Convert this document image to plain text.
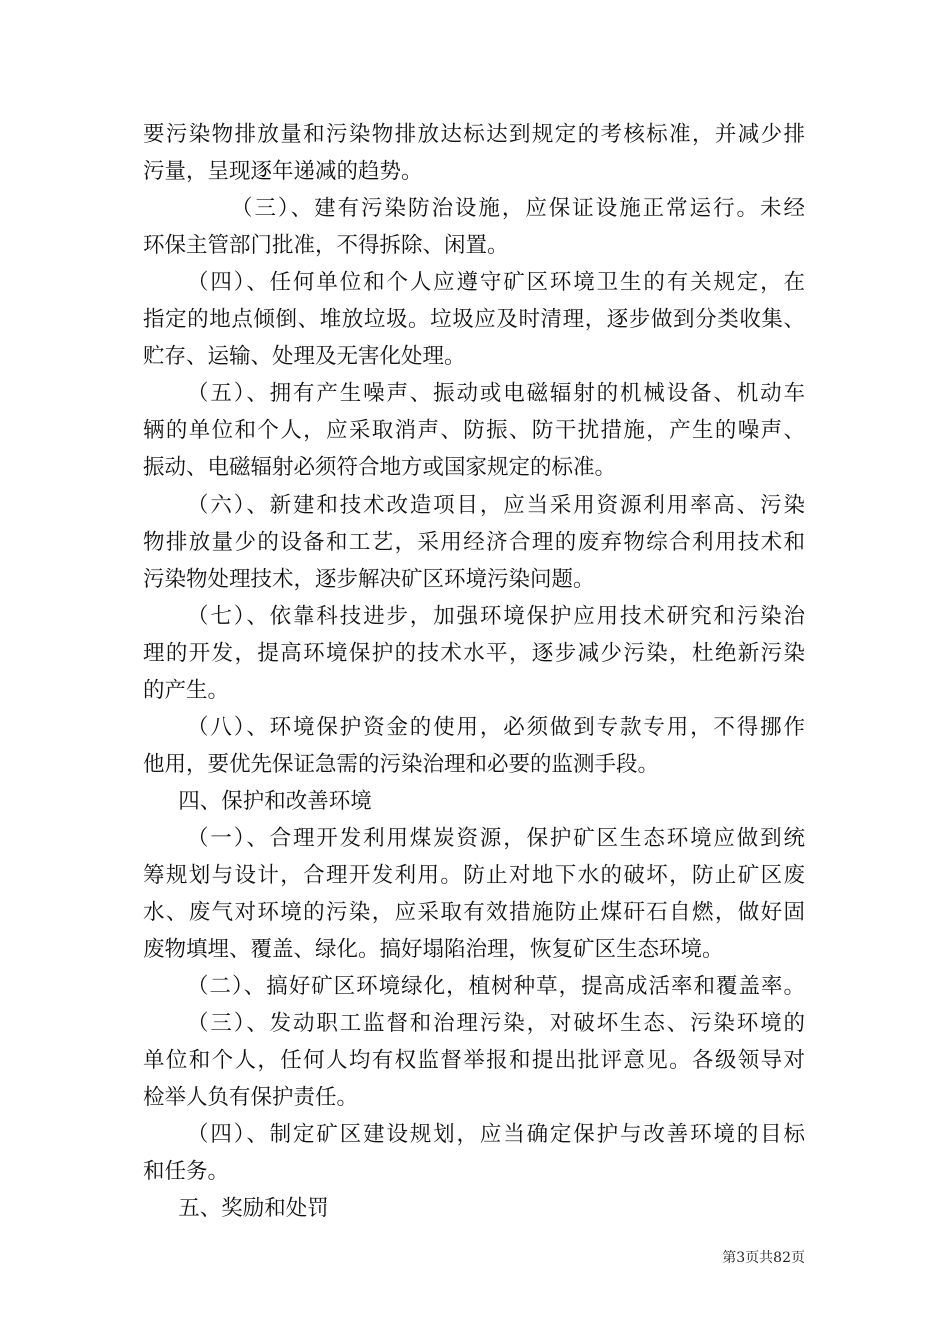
要污染物排放量和污染物排放达标达到规定的考核标准，并减少排
污量，呈现逐年递减的趋势。
（三）、建有污染防治设施，应保证设施正常运行。未经
环保主管部门批准，不得拆除、闲置。
（四）、任何单位和个人应遵守矿区环境卫生的有关规定，在
指定的地点倾倒、堆放垃圾。垃圾应及时清理，逐步做到分类收集、
贮存、运输、处理及无害化处理。
（五）、拥有产生噪声、振动或电磁辐射的机械设备、机动车
辆的单位和个人，应采取消声、防振、防干扰措施，产生的噪声、
振动、电磁辐射必须符合地方或国家规定的标准。
（六）、新建和技术改造项目，应当采用资源利用率高、污染
物排放量少的设备和工艺，采用经济合理的废弃物综合利用技术和
污染物处理技术，逐步解决矿区环境污染问题。
（七）、依靠科技进步，加强环境保护应用技术研究和污染治
理的开发，提高环境保护的技术水平，逐步减少污染，杜绝新污染
的产生。
（八）、环境保护资金的使用，必须做到专款专用，不得挪作
他用，要优先保证急需的污染治理和必要的监测手段。
四、保护和改善环境
（一）、合理开发利用煤炭资源，保护矿区生态环境应做到统
筹规划与设计，合理开发利用。防止对地下水的破坏，防止矿区废
水、废气对环境的污染，应采取有效措施防止煤矸石自燃，做好固
废物填埋、覆盖、绿化。搞好塌陷治理，恢复矿区生态环境。
（二）、搞好矿区环境绿化，植树种草，提高成活率和覆盖率。
（三）、发动职工监督和治理污染，对破坏生态、污染环境的
单位和个人，任何人均有权监督举报和提出批评意见。各级领导对
检举人负有保护责任。
（四）、制定矿区建设规划，应当确定保护与改善环境的目标
和任务。
五、奖励和处罚
第3页共82页
